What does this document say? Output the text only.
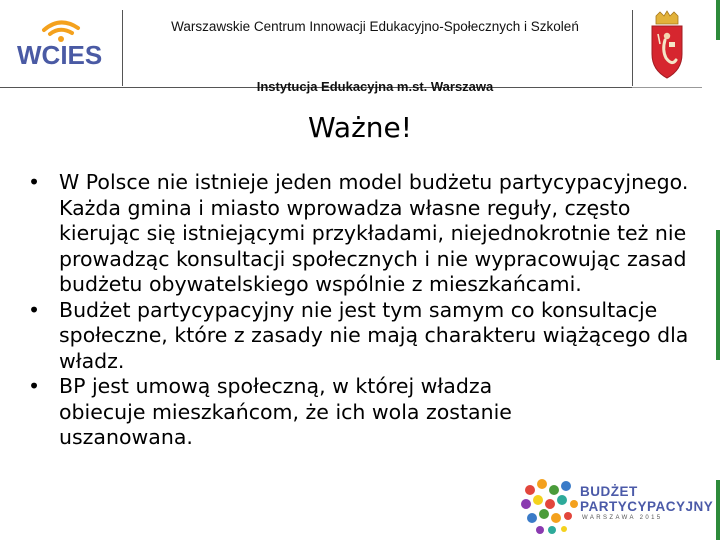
WCIES
Warszawskie Centrum Innowacji Edukacyjno-Społecznych i Szkoleń
Instytucja Edukacyjna m.st. Warszawa
Ważne!
• W Polsce nie istnieje jeden model budżetu partycypacyjnego. Każda gmina i miasto wprowadza własne reguły, często kierując się istniejącymi przykładami, niejednokrotnie też nie prowadząc konsultacji społecznych i nie wypracowując zasad budżetu obywatelskiego wspólnie z mieszkańcami.
• Budżet partycypacyjny nie jest tym samym co konsultacje społeczne, które z zasady nie mają charakteru wiążącego dla władz.
• BP jest umową społeczną, w której władza obiecuje mieszkańcom, że ich wola zostanie uszanowana.
BUDŻET
PARTYCYPACYJNY
WARSZAWA 2015
